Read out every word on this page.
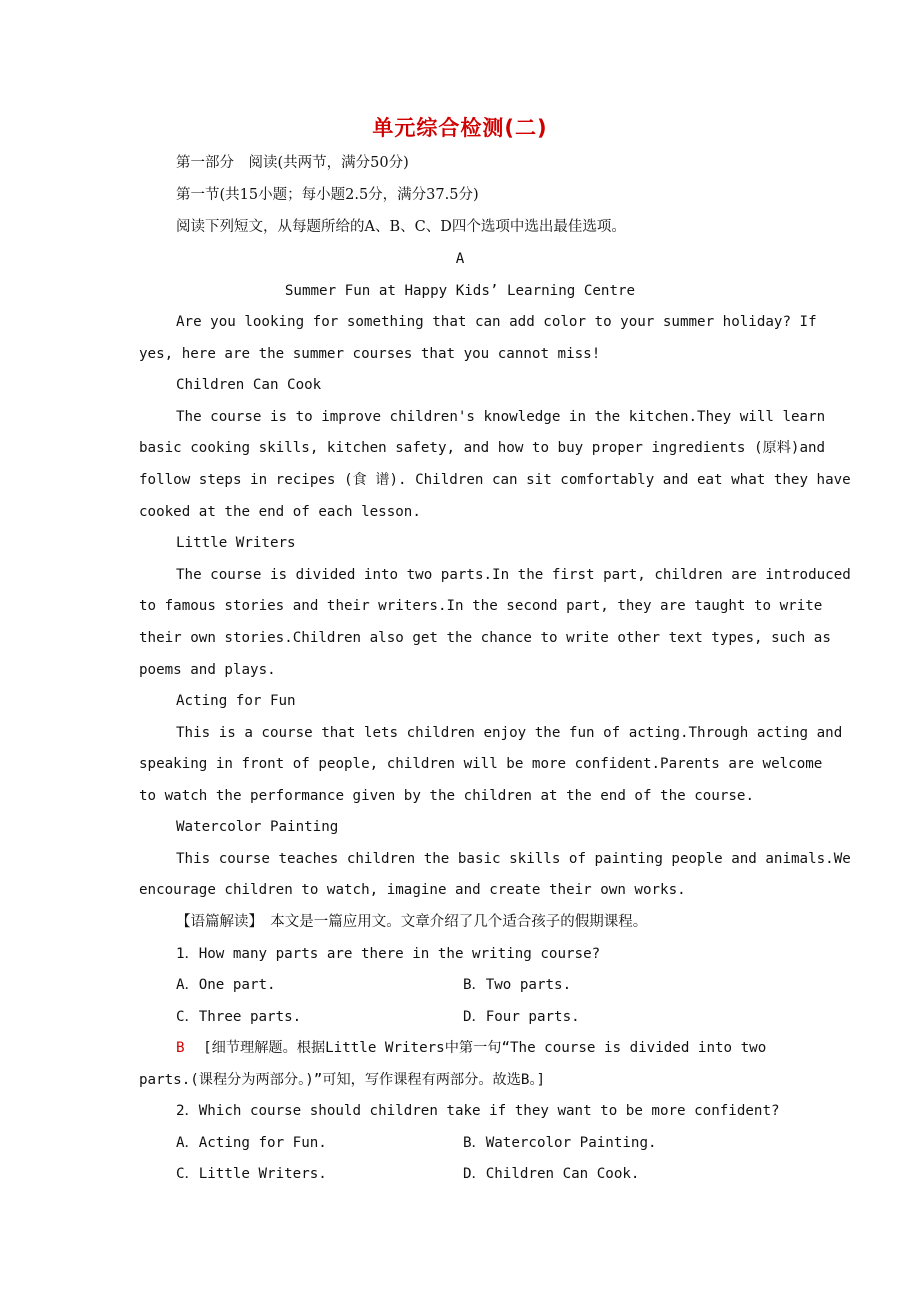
单元综合检测(二)
第一部分　阅读(共两节，满分50分)
第一节(共15小题；每小题2.5分，满分37.5分)
阅读下列短文，从每题所给的A、B、C、D四个选项中选出最佳选项。
A
Summer Fun at Happy Kids’ Learning Centre
Are you looking for something that can add color to your summer holiday? If
yes, here are the summer courses that you cannot miss!
Children Can Cook
The course is to improve children's knowledge in the kitchen.They will learn
basic cooking skills, kitchen safety, and how to buy proper ingredients (原料)and
follow steps in recipes (食 谱). Children can sit comfortably and eat what they have
cooked at the end of each lesson.
Little Writers
The course is divided into two parts.In the first part, children are introduced
to famous stories and their writers.In the second part, they are taught to write
their own stories.Children also get the chance to write other text types, such as
poems and plays.
Acting for Fun
This is a course that lets children enjoy the fun of acting.Through acting and
speaking in front of people, children will be more confident.Parents are welcome
to watch the performance given by the children at the end of the course.
Watercolor Painting
This course teaches children the basic skills of painting people and animals.We
encourage children to watch, imagine and create their own works.
【语篇解读】　本文是一篇应用文。文章介绍了几个适合孩子的假期课程。
1．How many parts are there in the writing course?
A．One part.	B．Two parts.
C．Three parts.	D．Four parts.
B [细节理解题。根据Little Writers中第一句“The course is divided into two
parts.(课程分为两部分。)”可知，写作课程有两部分。故选B。]
2．Which course should children take if they want to be more confident?
A．Acting for Fun.	B．Watercolor Painting.
C．Little Writers.	D．Children Can Cook.
